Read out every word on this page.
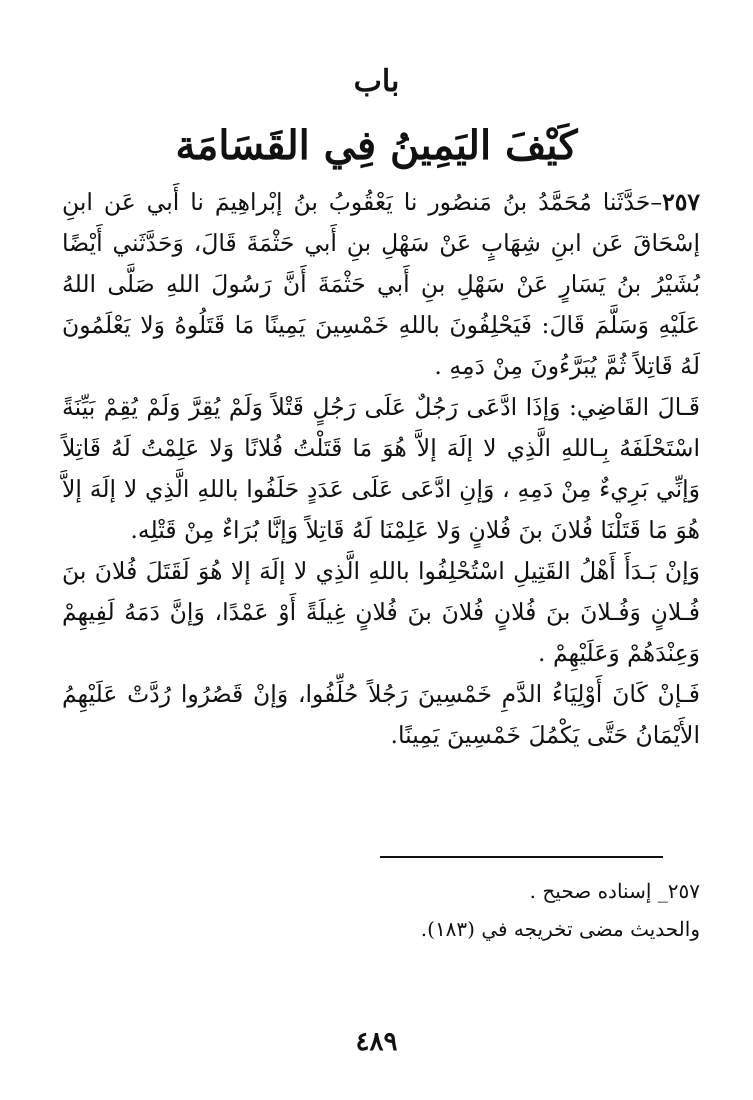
باب
كَيْفَ اليَمِينُ فِي القَسَامَة

٢٥٧–حَدَّثَنا مُحَمَّدُ بنُ مَنصُور نا يَعْقُوبُ بنُ إبْراهِيمَ نا أَبي عَن ابنِ إسْحَاقَ عَن ابنِ شِهَابٍ عَنْ سَهْلِ بنِ أَبي حَثْمَةَ قَالَ، وَحَدَّثَني أَيْضًا بُشَيْرُ بنُ يَسَارٍ عَنْ سَهْلِ بنِ أَبي حَثْمَةَ أَنَّ رَسُولَ اللهِ صَلَّى اللهُ عَلَيْهِ وَسَلَّمَ قَالَ: فَيَحْلِفُونَ باللهِ خَمْسِينَ يَمِينًا مَا قَتَلُوهُ وَلا يَعْلَمُونَ لَهُ قَاتِلاً ثُمَّ يُبَرَّءُونَ مِنْ دَمِهِ .

قَـالَ القَاضِي: وَإذَا ادَّعَى رَجُلٌ عَلَى رَجُلٍ قَتْلاً وَلَمْ يُقِرَّ وَلَمْ يُقِمْ بَيِّنَةً اسْتَحْلَفَهُ بِـاللهِ الَّذِي لا إلَهَ إلاَّ هُوَ مَا قَتَلْتُ فُلانًا وَلا عَلِمْتُ لَهُ قَاتِلاً وَإنِّي بَرِيءٌ مِنْ دَمِهِ ، وَإنِ ادَّعَى عَلَى عَدَدٍ حَلَفُوا باللهِ الَّذِي لا إلَهَ إلاَّ هُوَ مَا قَتَلْنَا فُلانَ بنَ فُلانٍ وَلا عَلِمْنَا لَهُ قَاتِلاً وَإنَّا بُرَاءٌ مِنْ قَتْلِه.

وَإنْ بَـدَأَ أَهْلُ القَتِيلِ اسْتُحْلِفُوا باللهِ الَّذِي لا إلَهَ إلا هُوَ لَقَتَلَ فُلانَ بنَ فُـلانٍ وَفُـلانَ بنَ فُلانٍ فُلانَ بنَ فُلانٍ غِيلَةً أَوْ عَمْدًا، وَإنَّ دَمَهُ لَفِيهِمْ وَعِنْدَهُمْ وَعَلَيْهِمْ .

فَـإنْ كَانَ أَوْلِيَاءُ الدَّمِ خَمْسِينَ رَجُلاً حُلِّفُوا، وَإنْ قَصُرُوا رُدَّتْ عَلَيْهِمُ الأَيْمَانُ حَتَّى يَكْمُلَ خَمْسِينَ يَمِينًا.

٢٥٧_ إسناده صحيح .

والحديث مضى تخريجه في (١٨٣).

٤٨٩
